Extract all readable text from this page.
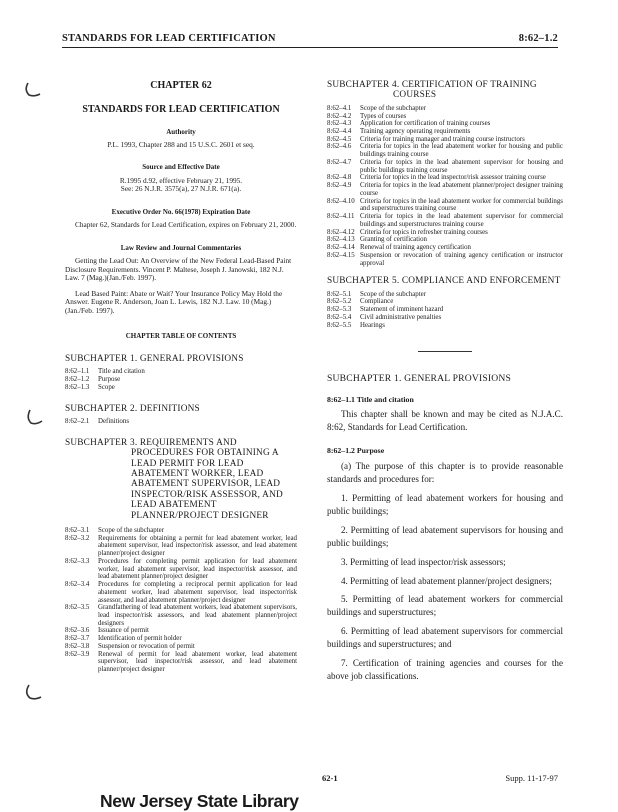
STANDARDS FOR LEAD CERTIFICATION	8:62–1.2
CHAPTER 62
STANDARDS FOR LEAD CERTIFICATION
Authority
P.L. 1993, Chapter 288 and 15 U.S.C. 2601 et seq.
Source and Effective Date
R.1995 d.92, effective February 21, 1995.
See: 26 N.J.R. 3575(a), 27 N.J.R. 671(a).
Executive Order No. 66(1978) Expiration Date
Chapter 62, Standards for Lead Certification, expires on February 21, 2000.
Law Review and Journal Commentaries
Getting the Lead Out: An Overview of the New Federal Lead-Based Paint Disclosure Requirements. Vincent P. Maltese, Joseph J. Janowski, 182 N.J. Law. 7 (Mag.)(Jan./Feb. 1997).
Lead Based Paint: Abate or Wait? Your Insurance Policy May Hold the Answer. Eugene R. Anderson, Joan L. Lewis, 182 N.J. Law. 10 (Mag.)(Jan./Feb. 1997).
CHAPTER TABLE OF CONTENTS
SUBCHAPTER 1. GENERAL PROVISIONS
8:62–1.1	Title and citation
8:62–1.2	Purpose
8:62–1.3	Scope
SUBCHAPTER 2. DEFINITIONS
8:62–2.1	Definitions
SUBCHAPTER 3. REQUIREMENTS AND PROCEDURES FOR OBTAINING A LEAD PERMIT FOR LEAD ABATEMENT WORKER, LEAD ABATEMENT SUPERVISOR, LEAD INSPECTOR/RISK ASSESSOR, AND LEAD ABATEMENT PLANNER/PROJECT DESIGNER
8:62–3.1	Scope of the subchapter
8:62–3.2	Requirements for obtaining a permit for lead abatement worker, lead abatement supervisor, lead inspector/risk assessor, and lead abatement planner/project designer
8:62–3.3	Procedures for completing permit application for lead abatement worker, lead abatement supervisor, lead inspector/risk assessor, and lead abatement planner/project designer
8:62–3.4	Procedures for completing a reciprocal permit application for lead abatement worker, lead abatement supervisor, lead inspector/risk assessor, and lead abatement planner/project designer
8:62–3.5	Grandfathering of lead abatement workers, lead abatement supervisors, lead inspector/risk assessors, and lead abatement planner/project designers
8:62–3.6	Issuance of permit
8:62–3.7	Identification of permit holder
8:62–3.8	Suspension or revocation of permit
8:62–3.9	Renewal of permit for lead abatement worker, lead abatement supervisor, lead inspector/risk assessor, and lead abatement planner/project designer
SUBCHAPTER 4. CERTIFICATION OF TRAINING COURSES
8:62–4.1	Scope of the subchapter
8:62–4.2	Types of courses
8:62–4.3	Application for certification of training courses
8:62–4.4	Training agency operating requirements
8:62–4.5	Criteria for training manager and training course instructors
8:62–4.6	Criteria for topics in the lead abatement worker for housing and public buildings training course
8:62–4.7	Criteria for topics in the lead abatement supervisor for housing and public buildings training course
8:62–4.8	Criteria for topics in the lead inspector/risk assessor training course
8:62–4.9	Criteria for topics in the lead abatement planner/project designer training course
8:62–4.10 Criteria for topics in the lead abatement worker for commercial buildings and superstructures training course
8:62–4.11 Criteria for topics in the lead abatement supervisor for commercial buildings and superstructures training course
8:62–4.12 Criteria for topics in refresher training courses
8:62–4.13 Granting of certification
8:62–4.14 Renewal of training agency certification
8:62–4.15 Suspension or revocation of training agency certification or instructor approval
SUBCHAPTER 5. COMPLIANCE AND ENFORCEMENT
8:62–5.1	Scope of the subchapter
8:62–5.2	Compliance
8:62–5.3	Statement of imminent hazard
8:62–5.4	Civil administrative penalties
8:62–5.5	Hearings
SUBCHAPTER 1. GENERAL PROVISIONS
8:62–1.1 Title and citation
This chapter shall be known and may be cited as N.J.A.C. 8:62, Standards for Lead Certification.
8:62–1.2 Purpose
(a) The purpose of this chapter is to provide reasonable standards and procedures for:
1. Permitting of lead abatement workers for housing and public buildings;
2. Permitting of lead abatement supervisors for housing and public buildings;
3. Permitting of lead inspector/risk assessors;
4. Permitting of lead abatement planner/project designers;
5. Permitting of lead abatement workers for commercial buildings and superstructures;
6. Permitting of lead abatement supervisors for commercial buildings and superstructures; and
7. Certification of training agencies and courses for the above job classifications.
62-1	Supp. 11-17-97
New Jersey State Library
